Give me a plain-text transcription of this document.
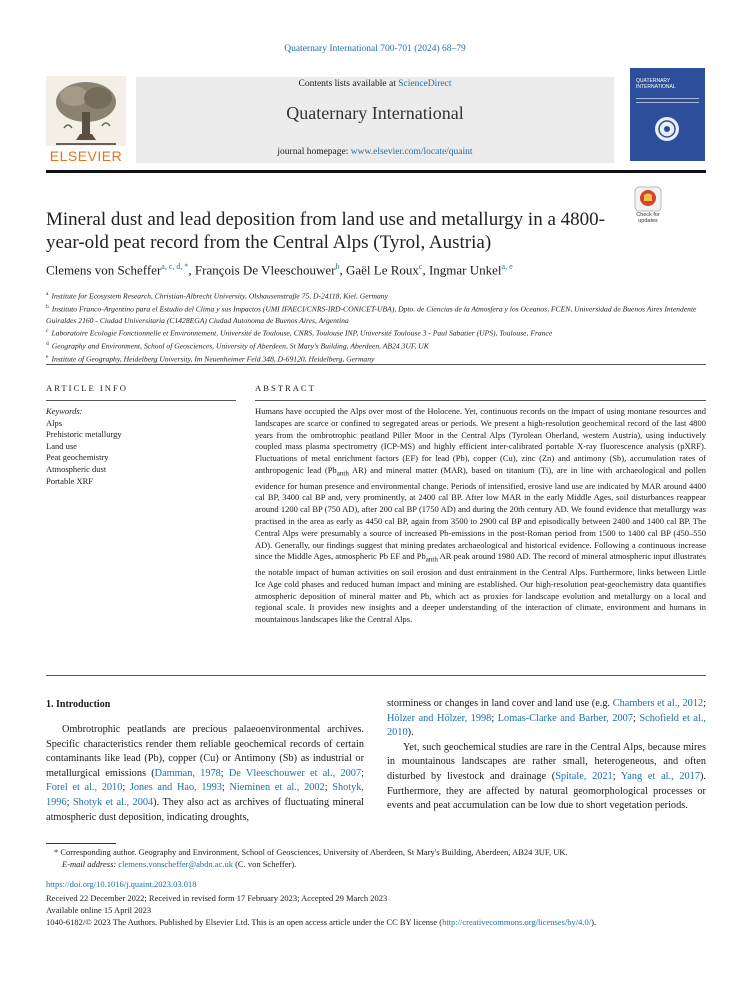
Quaternary International 700-701 (2024) 68–79
ELSEVIER
Contents lists available at ScienceDirect
Quaternary International
journal homepage: www.elsevier.com/locate/quaint
QUATERNARY INTERNATIONAL
Mineral dust and lead deposition from land use and metallurgy in a 4800-year-old peat record from the Central Alps (Tyrol, Austria)
Check for updates
Clemens von Scheffer$^{a, c, d, *}$, François De Vleeschouwer$^b$, Gaël Le Roux$^c$, Ingmar Unkel$^{a, e}$
$^a$ Institute for Ecosystem Research, Christian-Albrecht University, Olshausenstraβe 75, D-24118, Kiel, Germany
$^b$ Instituto Franco-Argentino para el Estudio del Clima y sus Impactos (UMI IFAECI/CNRS-IRD-CONICET-UBA), Dpto. de Ciencias de la Atmosfera y los Oceanos, FCEN, Universidad de Buenos Aires Intendente Guiraldes 2160 - Ciudad Universitaria (C1428EGA) Ciudad Autonoma de Buenos Aires, Argentina
$^c$ Laboratoire Ecologie Fonctionnelle et Environnement, Université de Toulouse, CNRS, Toulouse INP, Université Toulouse 3 - Paul Sabatier (UPS), Toulouse, France
$^d$ Geography and Environment, School of Geosciences, University of Aberdeen, St Mary's Building, Aberdeen, AB24 3UF, UK
$^e$ Institute of Geography, Heidelberg University, Im Neuenheimer Feld 348, D-69120, Heidelberg, Germany
ARTICLE INFO	ABSTRACT
Keywords:
Alps
Prehistoric metallurgy
Land use
Peat geochemistry
Atmospheric dust
Portable XRF
Humans have occupied the Alps over most of the Holocene. Yet, continuous records on the impact of using montane resources and landscapes are scarce or confined to segregated areas or periods. We present a high-resolution geochemical record of the last 4800 years from the ombrotrophic peatland Piller Moor in the Central Alps (Tyrolean Oberland, western Austria), using inductively coupled mass plasma spectrometry (ICP-MS) and highly efficient inter-calibrated portable X-ray fluorescence analysis (pXRF). Fluctuations of metal enrichment factors (EF) for lead (Pb), copper (Cu), zinc (Zn) and antimony (Sb), accumulation rates of anthropogenic lead ($Pb_{anth}$ AR) and mineral matter (MAR), based on titanium (Ti), are in line with archaeological and pollen evidence for human presence and environmental change. Periods of intensified, erosive land use are indicated by MAR around 4400 cal BP, 3400 cal BP and, very prominently, at 2400 cal BP. After low MAR in the early Middle Ages, soil disturbances reappear around 1200 cal BP (750 AD), after 200 cal BP (1750 AD) and during the 20th century AD. We found evidence that metallurgy was practised in the area as early as 4450 cal BP, again from 3500 to 2900 cal BP and episodically between 2400 and 1400 cal BP. The Central Alps were presumably a source of increased Pb-emissions in the post-Roman period from 1500 to 1400 cal BP (450–550 AD). Generally, our findings suggest that mining predates archaeological and historical evidence. Following a continuous increase since the Middle Ages, atmospheric Pb EF and $Pb_{anth}$ AR peak around 1980 AD. The record of mineral atmospheric input illustrates the notable impact of human activities on soil erosion and dust entrainment in the Central Alps. Furthermore, links between Little Ice Age cold phases and reduced human impact and mining are established. Our high-resolution peat-geochemistry data quantifies atmospheric deposition of mineral matter and Pb, which act as proxies for landscape evolution and metallurgy on a local and regional scale. It provides new insights and a deeper understanding of the interaction of climate, environment and humans in mountainous landscapes like the Central Alps.
1. Introduction
Ombrotrophic peatlands are precious palaeoenvironmental archives. Specific characteristics render them reliable geochemical records of certain contaminants like lead (Pb), copper (Cu) or Antimony (Sb) as industrial or metallurgical emissions (Damman, 1978; De Vleeschouwer et al., 2007; Forel et al., 2010; Jones and Hao, 1993; Nieminen et al., 2002; Shotyk, 1996; Shotyk et al., 2004). They also act as archives of fluctuating mineral atmospheric dust deposition, indicating droughts,

storminess or changes in land cover and land use (e.g. Chambers et al., 2012; Hölzer and Hölzer, 1998; Lomas-Clarke and Barber, 2007; Schofield et al., 2010).

Yet, such geochemical studies are rare in the Central Alps, because mires in mountainous landscapes are rather small, heterogeneous, and often disturbed by livestock and drainage (Spitale, 2021; Yang et al., 2017). Furthermore, they are affected by natural geomorphological processes or events and peat accumulation can be low due to short vegetation periods.

* Corresponding author. Geography and Environment, School of Geosciences, University of Aberdeen, St Mary's Building, Aberdeen, AB24 3UF, UK.
E-mail address: clemens.vonscheffer@abdn.ac.uk (C. von Scheffer).
https://doi.org/10.1016/j.quaint.2023.03.018
Received 22 December 2022; Received in revised form 17 February 2023; Accepted 29 March 2023
Available online 15 April 2023
1040-6182/© 2023 The Authors. Published by Elsevier Ltd. This is an open access article under the CC BY license (http://creativecommons.org/licenses/by/4.0/).
